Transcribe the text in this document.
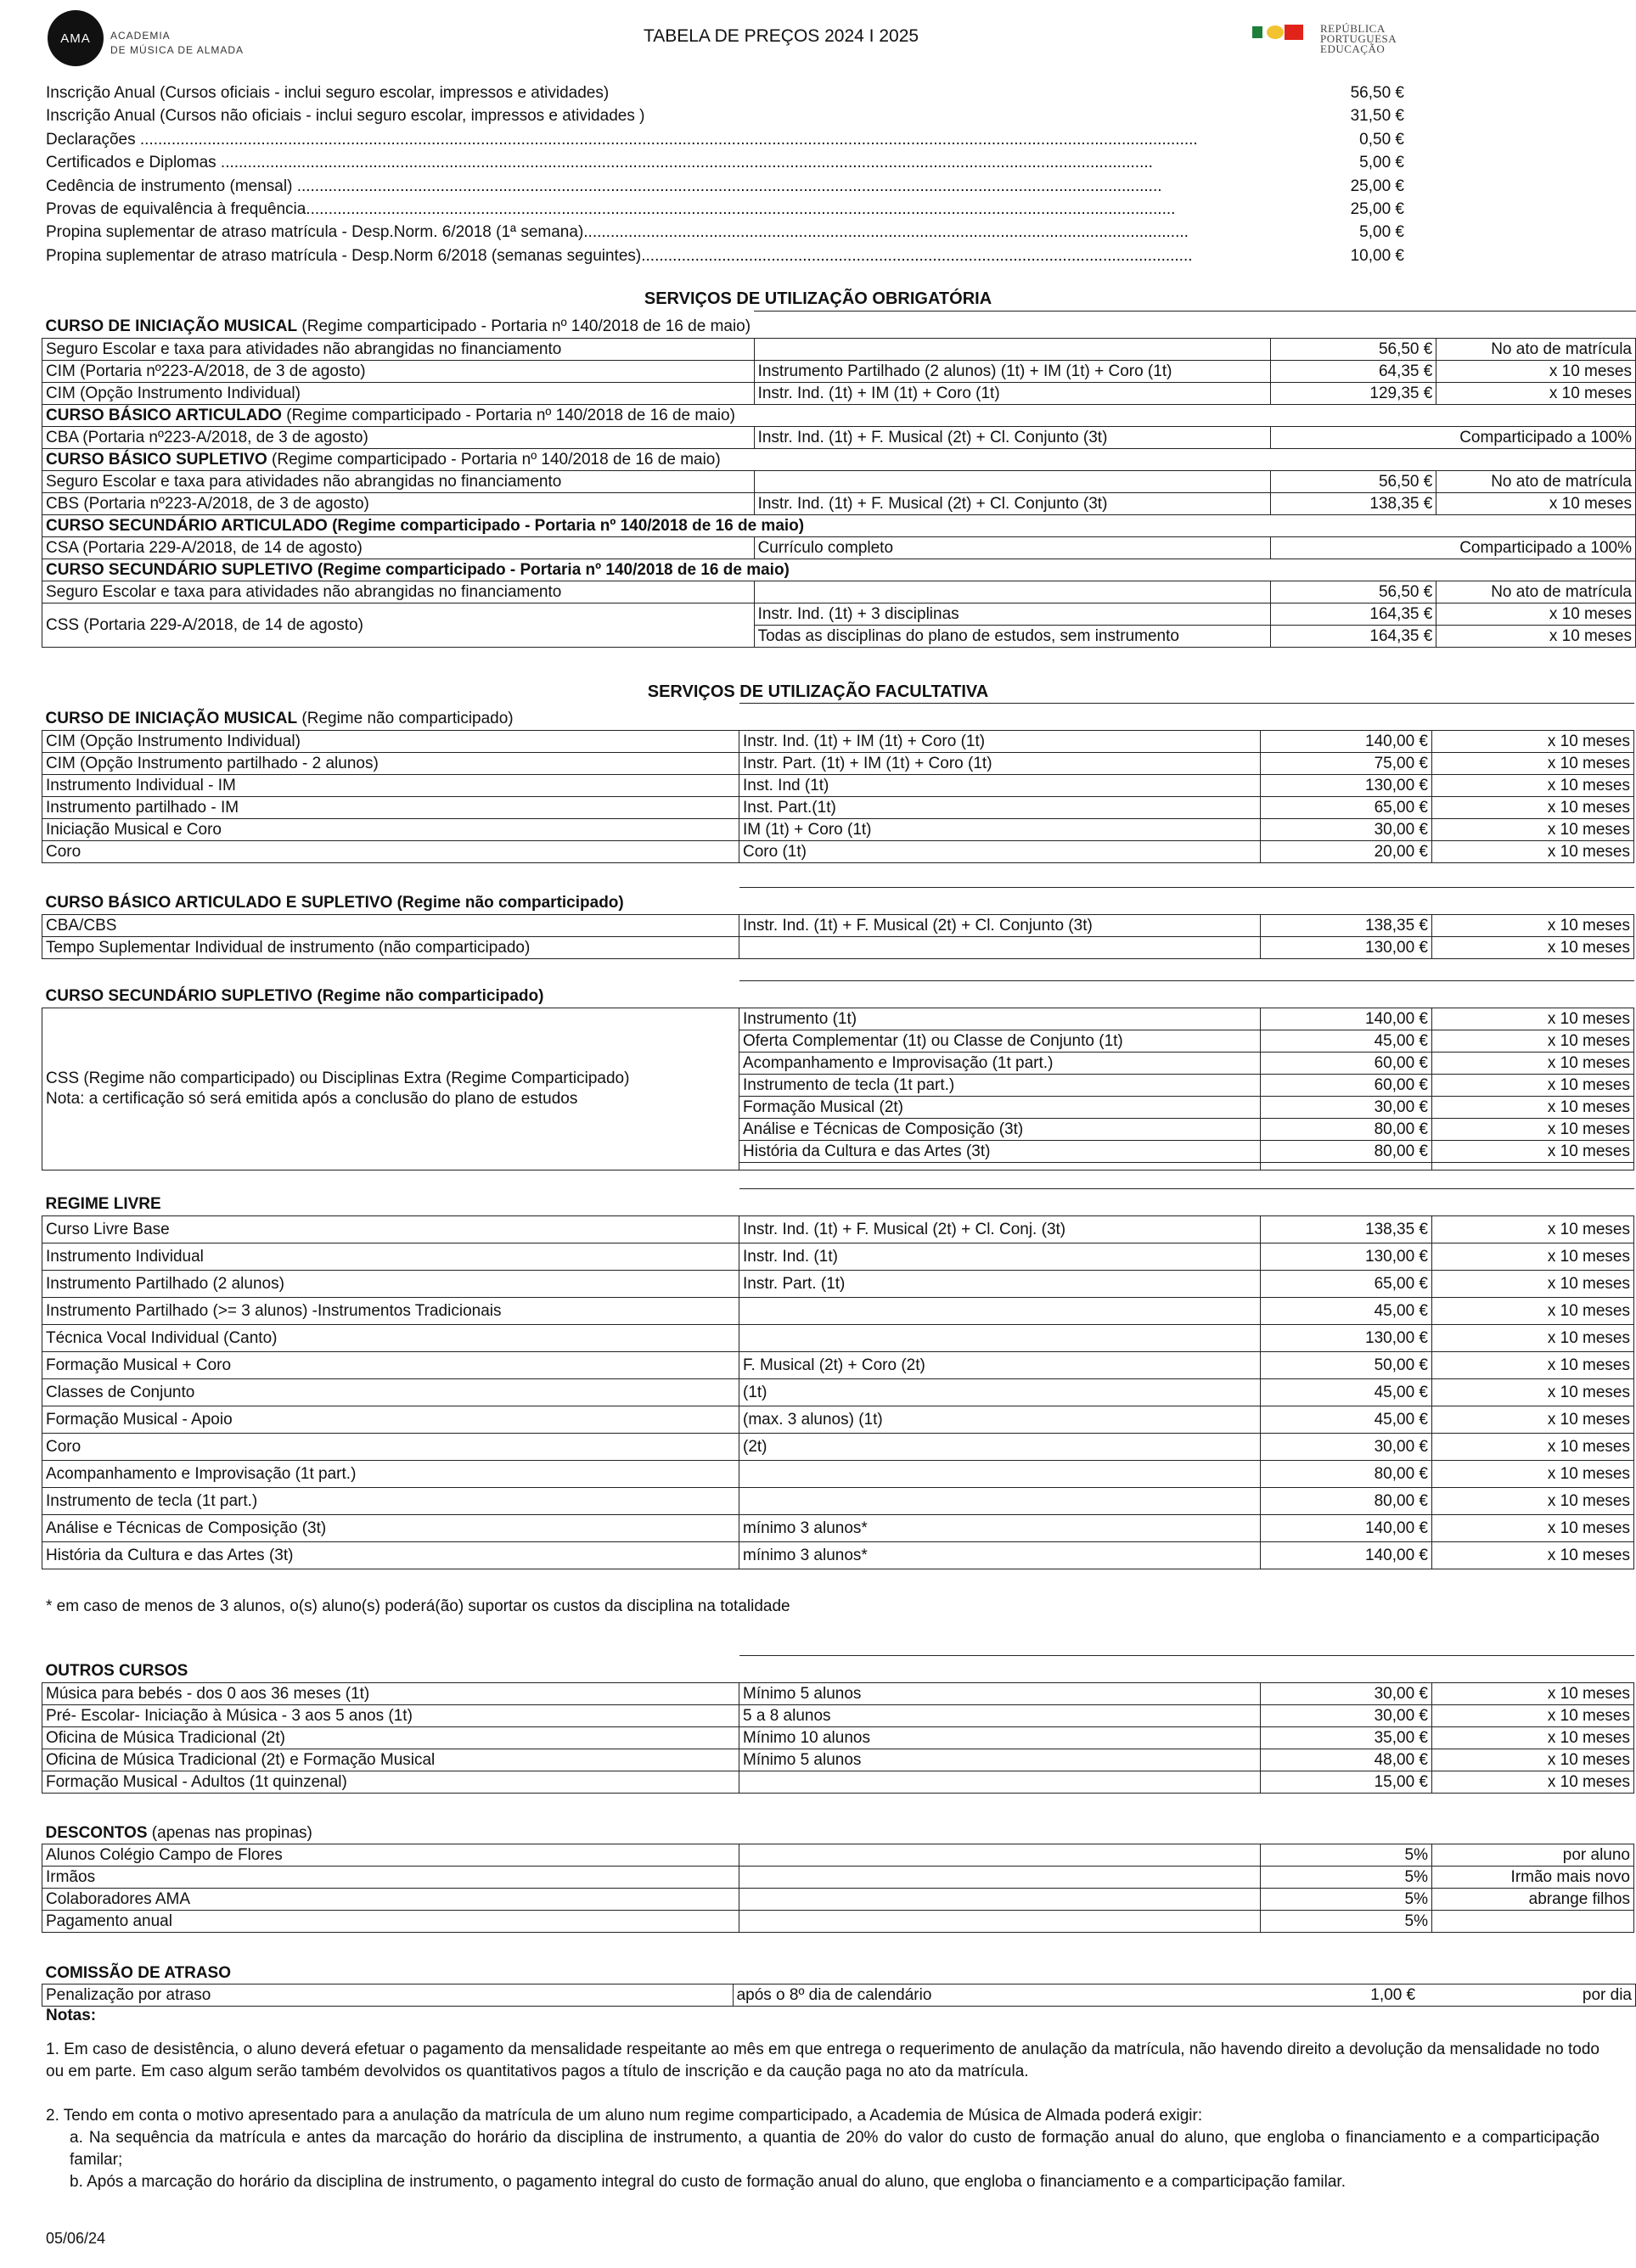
AMA ACADEMIA
DE MÚSICA DE ALMADA
TABELA DE PREÇOS 2024 I 2025	REPÚBLICA
PORTUGUESA
EDUCAÇÃO
Inscrição Anual (Cursos oficiais - inclui seguro escolar, impressos e atividades)	56,50 €
Inscrição Anual (Cursos não oficiais - inclui seguro escolar, impressos e atividades )	31,50 €
Declarações ............................................................................................................................................................................................................................................	0,50 €
Certificados e Diplomas ................................................................................................................................................................................................................	5,00 €
Cedência de instrumento (mensal) .................................................................................................................................................................................................	25,00 €
Provas de equivalência à frequência..................................................................................................................................................................................................	25,00 €
Propina suplementar de atraso matrícula - Desp.Norm. 6/2018 (1ª semana).......................................................................................................................................	5,00 €
Propina suplementar de atraso matrícula - Desp.Norm 6/2018 (semanas seguintes)...........................................................................................................................	10,00 €
SERVIÇOS DE UTILIZAÇÃO OBRIGATÓRIA
CURSO DE INICIAÇÃO MUSICAL (Regime comparticipado - Portaria nº 140/2018 de 16 de maio)			
Seguro Escolar e taxa para atividades não abrangidas no financiamento		56,50 €	No ato de matrícula
CIM (Portaria nº223-A/2018, de 3 de agosto)	Instrumento Partilhado (2 alunos) (1t) + IM (1t) + Coro (1t)	64,35 €	x 10 meses
CIM (Opção Instrumento Individual)	Instr. Ind. (1t) + IM (1t) + Coro (1t)	129,35 €	x 10 meses
CURSO BÁSICO ARTICULADO (Regime comparticipado - Portaria nº 140/2018 de 16 de maio)			
CBA (Portaria nº223-A/2018, de 3 de agosto)	Instr. Ind. (1t) + F. Musical (2t) + Cl. Conjunto (3t)	Comparticipado a 100%	
CURSO BÁSICO SUPLETIVO (Regime comparticipado - Portaria nº 140/2018 de 16 de maio)			
Seguro Escolar e taxa para atividades não abrangidas no financiamento		56,50 €	No ato de matrícula
CBS (Portaria nº223-A/2018, de 3 de agosto)	Instr. Ind. (1t) + F. Musical (2t) + Cl. Conjunto (3t)	138,35 €	x 10 meses
CURSO SECUNDÁRIO ARTICULADO (Regime comparticipado - Portaria nº 140/2018 de 16 de maio)			
CSA (Portaria 229-A/2018, de 14 de agosto)	Currículo completo	Comparticipado a 100%	
CURSO SECUNDÁRIO SUPLETIVO (Regime comparticipado - Portaria nº 140/2018 de 16 de maio)			
Seguro Escolar e taxa para atividades não abrangidas no financiamento		56,50 €	No ato de matrícula
CSS (Portaria 229-A/2018, de 14 de agosto)	Instr. Ind. (1t) + 3 disciplinas	164,35 €	x 10 meses
	Todas as disciplinas do plano de estudos, sem instrumento	164,35 €	x 10 meses
SERVIÇOS DE UTILIZAÇÃO FACULTATIVA
CURSO DE INICIAÇÃO MUSICAL (Regime não comparticipado)			
CIM (Opção Instrumento Individual)	Instr. Ind. (1t) + IM (1t) + Coro (1t)	140,00 €	x 10 meses
CIM (Opção Instrumento partilhado - 2 alunos)	Instr. Part. (1t) + IM (1t) + Coro (1t)	75,00 €	x 10 meses
Instrumento Individual - IM	Inst. Ind (1t)	130,00 €	x 10 meses
Instrumento partilhado - IM	Inst. Part.(1t)	65,00 €	x 10 meses
Iniciação Musical e Coro	IM (1t) + Coro (1t)	30,00 €	x 10 meses
Coro	Coro (1t)	20,00 €	x 10 meses
CURSO BÁSICO ARTICULADO E SUPLETIVO (Regime não comparticipado)			
CBA/CBS	Instr. Ind. (1t) + F. Musical (2t) + Cl. Conjunto (3t)	138,35 €	x 10 meses
Tempo Suplementar Individual de instrumento (não comparticipado)		130,00 €	x 10 meses
CURSO SECUNDÁRIO SUPLETIVO (Regime não comparticipado)			

CSS (Regime não comparticipado) ou Disciplinas Extra (Regime Comparticipado)
Nota: a certificação só será emitida após a conclusão do plano de estudos	Instrumento (1t)	140,00 €	x 10 meses
	Oferta Complementar (1t) ou Classe de Conjunto (1t)	45,00 €	x 10 meses
	Acompanhamento e Improvisação (1t part.)	60,00 €	x 10 meses
	Instrumento de tecla (1t part.)	60,00 €	x 10 meses
	Formação Musical (2t)	30,00 €	x 10 meses
	Análise e Técnicas de Composição (3t)	80,00 €	x 10 meses
	História da Cultura e das Artes (3t)	80,00 €	x 10 meses

REGIME LIVRE			
Curso Livre Base	Instr. Ind. (1t) + F. Musical (2t) + Cl. Conj. (3t)	138,35 €	x 10 meses
Instrumento Individual	Instr. Ind. (1t)	130,00 €	x 10 meses
Instrumento Partilhado (2 alunos)	Instr. Part. (1t)	65,00 €	x 10 meses
Instrumento Partilhado (>= 3 alunos) -Instrumentos Tradicionais		45,00 €	x 10 meses
Técnica Vocal Individual (Canto)		130,00 €	x 10 meses
Formação Musical + Coro	F. Musical (2t) + Coro (2t)	50,00 €	x 10 meses
Classes de Conjunto	(1t)	45,00 €	x 10 meses
Formação Musical - Apoio	(max. 3 alunos) (1t)	45,00 €	x 10 meses
Coro	(2t)	30,00 €	x 10 meses
Acompanhamento e Improvisação (1t part.)		80,00 €	x 10 meses
Instrumento de tecla (1t part.)		80,00 €	x 10 meses
Análise e Técnicas de Composição (3t)	mínimo 3 alunos*	140,00 €	x 10 meses
História da Cultura e das Artes (3t)	mínimo 3 alunos*	140,00 €	x 10 meses
* em caso de menos de 3 alunos, o(s) aluno(s) poderá(ão) suportar os custos da disciplina na totalidade
OUTROS CURSOS			
Música para bebés - dos 0 aos 36 meses (1t)	Mínimo 5 alunos	30,00 €	x 10 meses
Pré- Escolar- Iniciação à Música - 3 aos 5 anos (1t)	5 a 8 alunos	30,00 €	x 10 meses
Oficina de Música Tradicional (2t)	Mínimo 10 alunos	35,00 €	x 10 meses
Oficina de Música Tradicional (2t) e Formação Musical	Mínimo 5 alunos	48,00 €	x 10 meses
Formação Musical - Adultos (1t quinzenal)		15,00 €	x 10 meses
DESCONTOS (apenas nas propinas)			
Alunos Colégio Campo de Flores		5%	por aluno
Irmãos		5%	Irmão mais novo
Colaboradores AMA		5%	abrange filhos
Pagamento anual		5%	
COMISSÃO DE ATRASO			
Penalização por atraso	após o 8º dia de calendário	1,00 €	por dia
Notas:
1. Em caso de desistência, o aluno deverá efetuar o pagamento da mensalidade respeitante ao mês em que entrega o requerimento de anulação da matrícula, não havendo direito a devolução da mensalidade no todo ou em parte. Em caso algum serão também devolvidos os quantitativos pagos a título de inscrição e da caução paga no ato da matrícula.
2. Tendo em conta o motivo apresentado para a anulação da matrícula de um aluno num regime comparticipado, a Academia de Música de Almada poderá exigir:
a. Na sequência da matrícula e antes da marcação do horário da disciplina de instrumento, a quantia de 20% do valor do custo de formação anual do aluno, que engloba o financiamento e a comparticipação familar;
b. Após a marcação do horário da disciplina de instrumento, o pagamento integral do custo de formação anual do aluno, que engloba o financiamento e a comparticipação familar.
05/06/24
